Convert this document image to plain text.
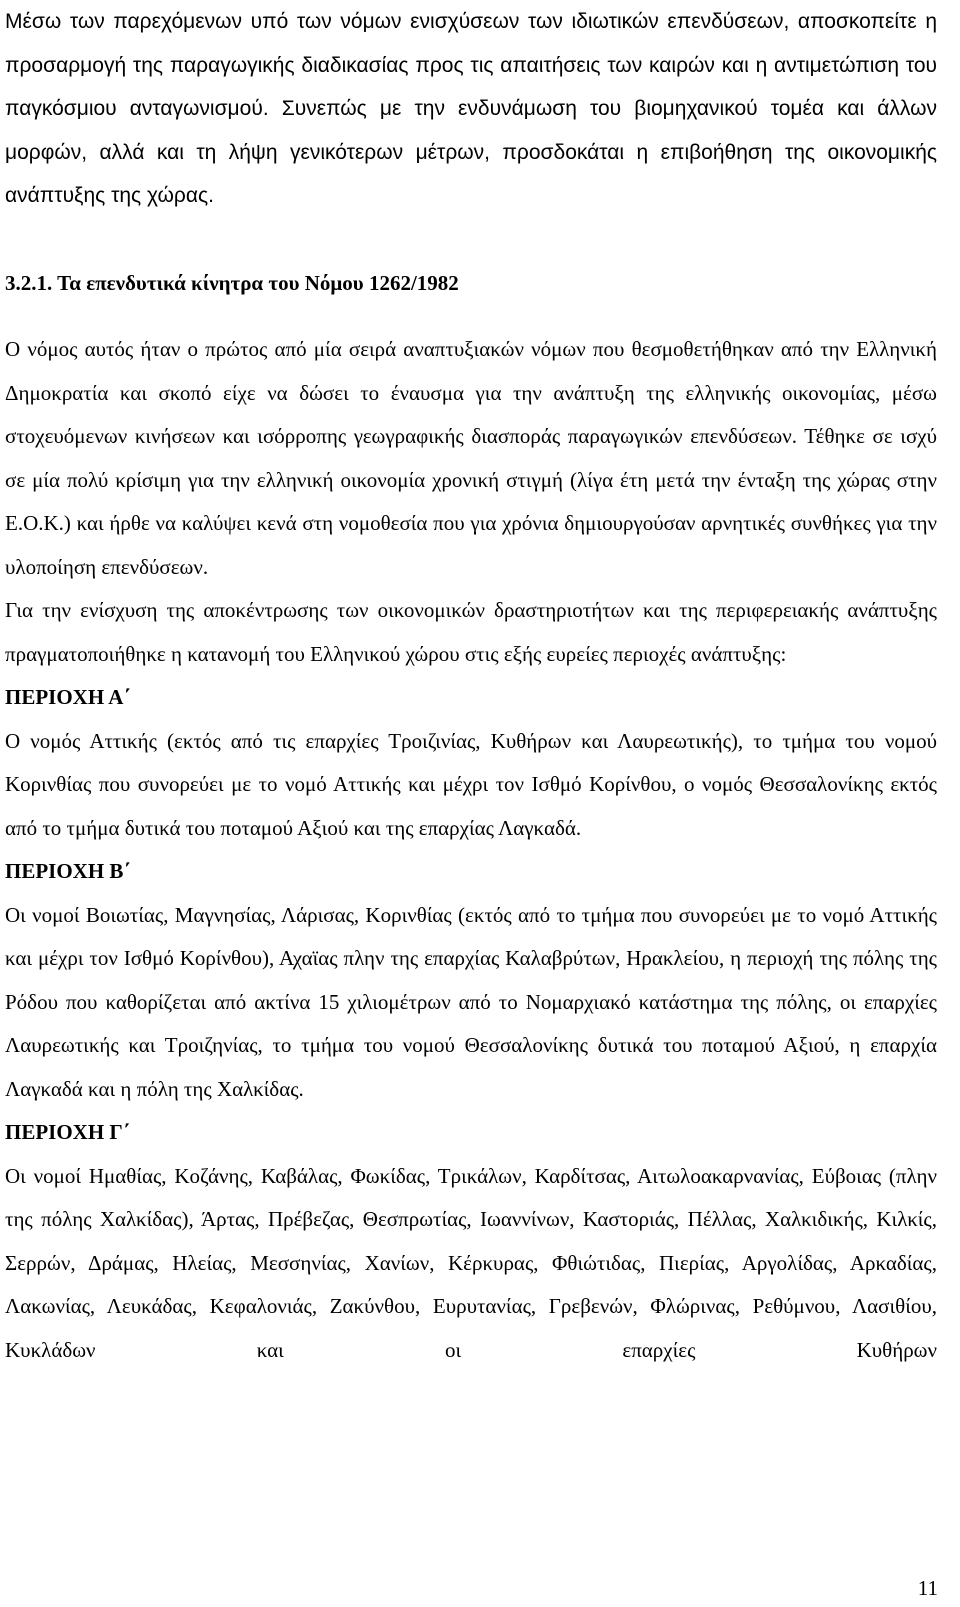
Μέσω των παρεχόμενων υπό των νόμων ενισχύσεων των ιδιωτικών επενδύσεων, αποσκοπείτε η προσαρμογή της παραγωγικής διαδικασίας προς τις απαιτήσεις των καιρών και η αντιμετώπιση του παγκόσμιου ανταγωνισμού. Συνεπώς με την ενδυνάμωση του βιομηχανικού τομέα και άλλων μορφών, αλλά και τη λήψη γενικότερων μέτρων, προσδοκάται η επιβοήθηση της οικονομικής ανάπτυξης της χώρας.

3.2.1. Τα επενδυτικά κίνητρα του Νόμου 1262/1982

Ο νόμος αυτός ήταν ο πρώτος από μία σειρά αναπτυξιακών νόμων που θεσμοθετήθηκαν από την Ελληνική Δημοκρατία και σκοπό είχε να δώσει το έναυσμα για την ανάπτυξη της ελληνικής οικονομίας, μέσω στοχευόμενων κινήσεων και ισόρροπης γεωγραφικής διασποράς παραγωγικών επενδύσεων. Τέθηκε σε ισχύ σε μία πολύ κρίσιμη για την ελληνική οικονομία χρονική στιγμή (λίγα έτη μετά την ένταξη της χώρας στην Ε.Ο.Κ.) και ήρθε να καλύψει κενά στη νομοθεσία που για χρόνια δημιουργούσαν αρνητικές συνθήκες για την υλοποίηση επενδύσεων.

Για την ενίσχυση της αποκέντρωσης των οικονομικών δραστηριοτήτων και της περιφερειακής ανάπτυξης πραγματοποιήθηκε η κατανομή του Ελληνικού χώρου στις εξής ευρείες περιοχές ανάπτυξης:

ΠΕΡΙΟΧΗ Α΄

Ο νομός Αττικής (εκτός από τις επαρχίες Τροιζινίας, Κυθήρων και Λαυρεωτικής), το τμήμα του νομού Κορινθίας που συνορεύει με το νομό Αττικής και μέχρι τον Ισθμό Κορίνθου, ο νομός Θεσσαλονίκης εκτός από το τμήμα δυτικά του ποταμού Αξιού και της επαρχίας Λαγκαδά.

ΠΕΡΙΟΧΗ Β΄

Οι νομοί Βοιωτίας, Μαγνησίας, Λάρισας, Κορινθίας (εκτός από το τμήμα που συνορεύει με το νομό Αττικής και μέχρι τον Ισθμό Κορίνθου), Αχαϊας πλην της επαρχίας Καλαβρύτων, Ηρακλείου, η περιοχή της πόλης της Ρόδου που καθορίζεται από ακτίνα 15 χιλιομέτρων από το Νομαρχιακό κατάστημα της πόλης, οι επαρχίες Λαυρεωτικής και Τροιζηνίας, το τμήμα του νομού Θεσσαλονίκης δυτικά του ποταμού Αξιού, η επαρχία Λαγκαδά και η πόλη της Χαλκίδας.

ΠΕΡΙΟΧΗ Γ΄

Οι νομοί Ημαθίας, Κοζάνης, Καβάλας, Φωκίδας, Τρικάλων, Καρδίτσας, Αιτωλοακαρνανίας, Εύβοιας (πλην της πόλης Χαλκίδας), Άρτας, Πρέβεζας, Θεσπρωτίας, Ιωαννίνων, Καστοριάς, Πέλλας, Χαλκιδικής, Κιλκίς, Σερρών, Δράμας, Ηλείας, Μεσσηνίας, Χανίων, Κέρκυρας, Φθιώτιδας, Πιερίας, Αργολίδας, Αρκαδίας, Λακωνίας, Λευκάδας, Κεφαλονιάς, Ζακύνθου, Ευρυτανίας, Γρεβενών, Φλώρινας, Ρεθύμνου, Λασιθίου, Κυκλάδων και οι επαρχίες Κυθήρων

11
